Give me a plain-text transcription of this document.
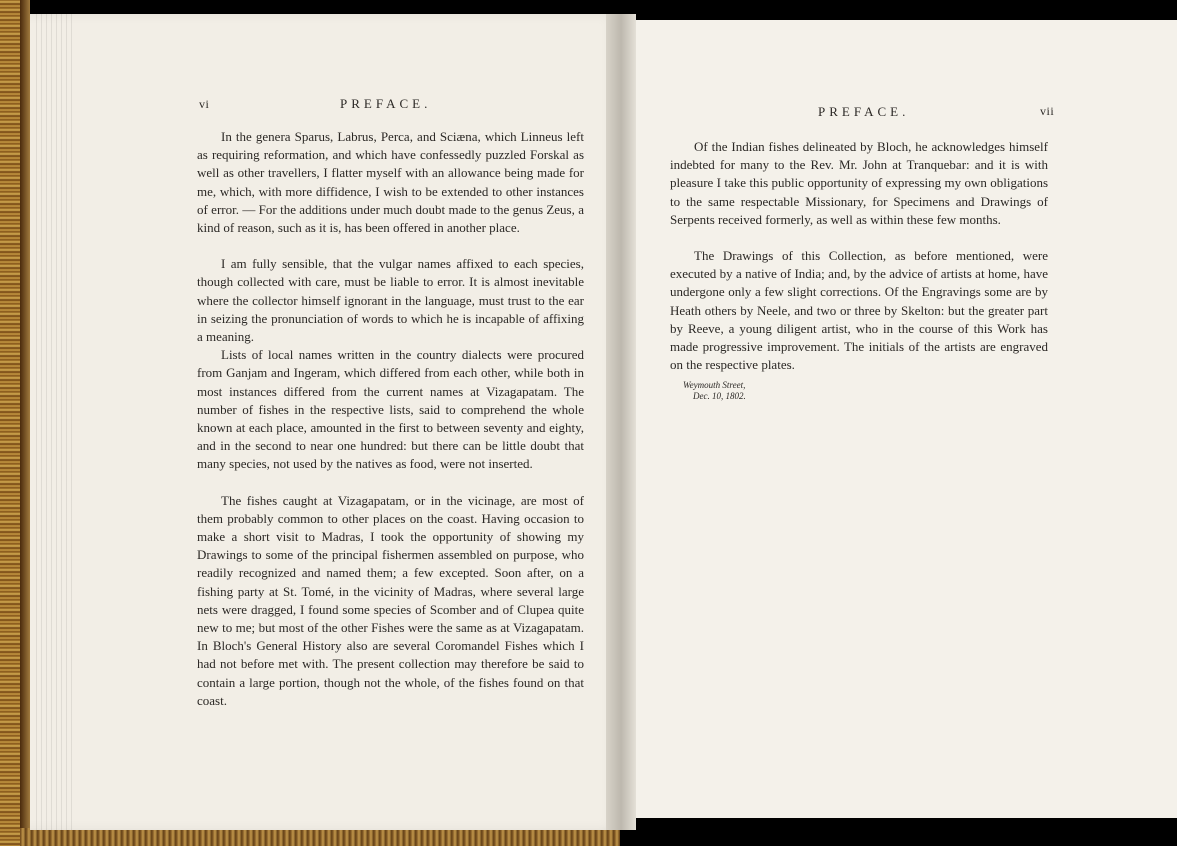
vi	PREFACE.

In the genera Sparus, Labrus, Perca, and Sciæna, which Linneus left as requiring reformation, and which have confessedly puzzled Forskal as well as other travellers, I flatter myself with an allowance being made for me, which, with more diffidence, I wish to be extended to other instances of error. — For the additions under much doubt made to the genus Zeus, a kind of reason, such as it is, has been offered in another place.

I am fully sensible, that the vulgar names affixed to each species, though collected with care, must be liable to error. It is almost inevitable where the collector himself ignorant in the language, must trust to the ear in seizing the pronunciation of words to which he is incapable of affixing a meaning.

Lists of local names written in the country dialects were procured from Ganjam and Ingeram, which differed from each other, while both in most instances differed from the current names at Vizagapatam. The number of fishes in the respective lists, said to comprehend the whole known at each place, amounted in the first to between seventy and eighty, and in the second to near one hundred: but there can be little doubt that many species, not used by the natives as food, were not inserted.

The fishes caught at Vizagapatam, or in the vicinage, are most of them probably common to other places on the coast. Having occasion to make a short visit to Madras, I took the opportunity of showing my Drawings to some of the principal fishermen assembled on purpose, who readily recognized and named them; a few excepted. Soon after, on a fishing party at St. Tomé, in the vicinity of Madras, where several large nets were dragged, I found some species of Scomber and of Clupea quite new to me; but most of the other Fishes were the same as at Vizagapatam. In Bloch's General History also are several Coromandel Fishes which I had not before met with. The present collection may therefore be said to contain a large portion, though not the whole, of the fishes found on that coast.

PREFACE.	vii

Of the Indian fishes delineated by Bloch, he acknowledges himself indebted for many to the Rev. Mr. John at Tranquebar: and it is with pleasure I take this public opportunity of expressing my own obligations to the same respectable Missionary, for Specimens and Drawings of Serpents received formerly, as well as within these few months.

The Drawings of this Collection, as before mentioned, were executed by a native of India; and, by the advice of artists at home, have undergone only a few slight corrections. Of the Engravings some are by Heath others by Neele, and two or three by Skelton: but the greater part by Reeve, a young diligent artist, who in the course of this Work has made progressive improvement. The initials of the artists are engraved on the respective plates.

Weymouth Street,
Dec. 10, 1802.
